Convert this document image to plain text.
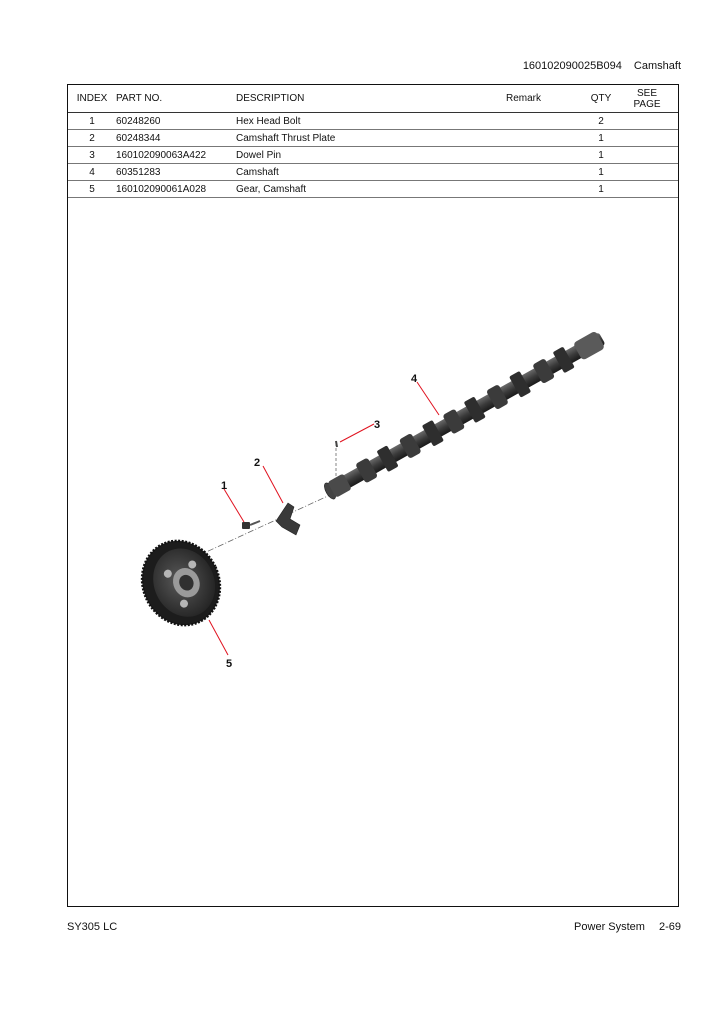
160102090025B094 Camshaft
INDEX	PART NO.	DESCRIPTION	Remark	QTY	SEE
PAGE
1	60248260	Hex Head Bolt		2	
2	60248344	Camshaft Thrust Plate		1	
3	160102090063A422	Dowel Pin		1	
4	60351283	Camshaft		1	
5	160102090061A028	Gear, Camshaft		1	
1
2
3
4
5
SY305 LC	Power System 2-69
